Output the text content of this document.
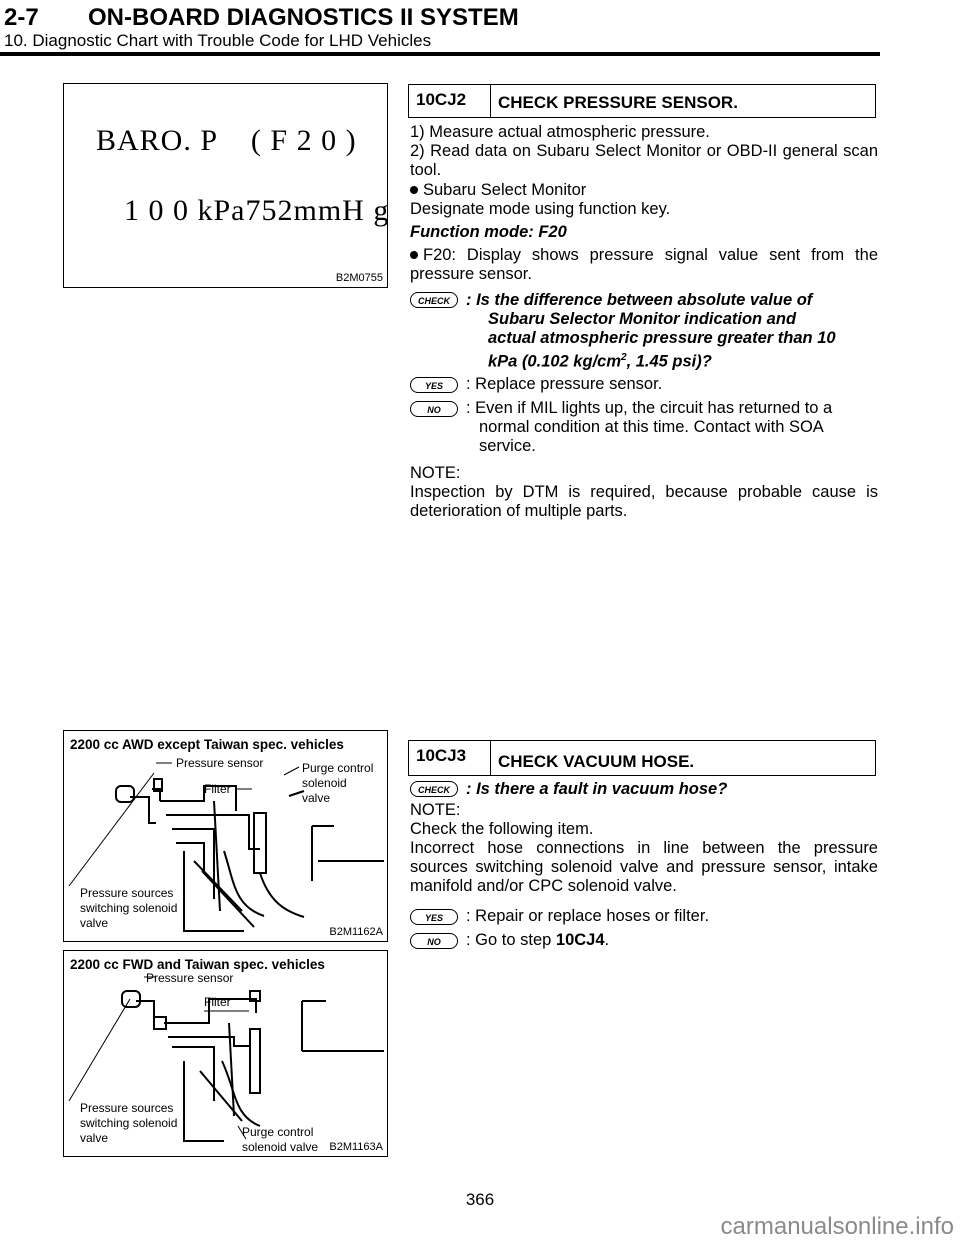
2-7 ON-BOARD DIAGNOSTICS II SYSTEM
10. Diagnostic Chart with Trouble Code for LHD Vehicles
BARO. P    ( F 2 0 )
1 0 0 kPa752mmH g
B2M0755
10CJ2	CHECK PRESSURE SENSOR.
1) Measure actual atmospheric pressure.
2) Read data on Subaru Select Monitor or OBD-II general scan tool.
Subaru Select Monitor
Designate mode using function key.
Function mode: F20
F20: Display shows pressure signal value sent from the pressure sensor.
CHECK : Is the difference between absolute value of
Subaru Selector Monitor indication and
actual atmospheric pressure greater than 10
kPa (0.102 $kg/cm^2$, 1.45 psi)?
YES	: Replace pressure sensor.
NO	: Even if MIL lights up, the circuit has returned to a
normal condition at this time. Contact with SOA
service.
NOTE:
Inspection by DTM is required, because probable cause is deterioration of multiple parts.
2200 cc AWD except Taiwan spec. vehicles
Pressure sensor	Purge control
solenoid
valve
Filter
Pressure sources
switching solenoid
valve
B2M1162A
2200 cc FWD and Taiwan spec. vehicles
Pressure sensor
Filter
Pressure sources
switching solenoid
valve	Purge control
solenoid valve B2M1163A
10CJ3	CHECK VACUUM HOSE.
CHECK : Is there a fault in vacuum hose?
NOTE:
Check the following item.
Incorrect hose connections in line between the pressure sources switching solenoid valve and pressure sensor, intake manifold and/or CPC solenoid valve.
YES	: Repair or replace hoses or filter.
NO	: Go to step 10CJ4.
366
carmanualsonline.info
